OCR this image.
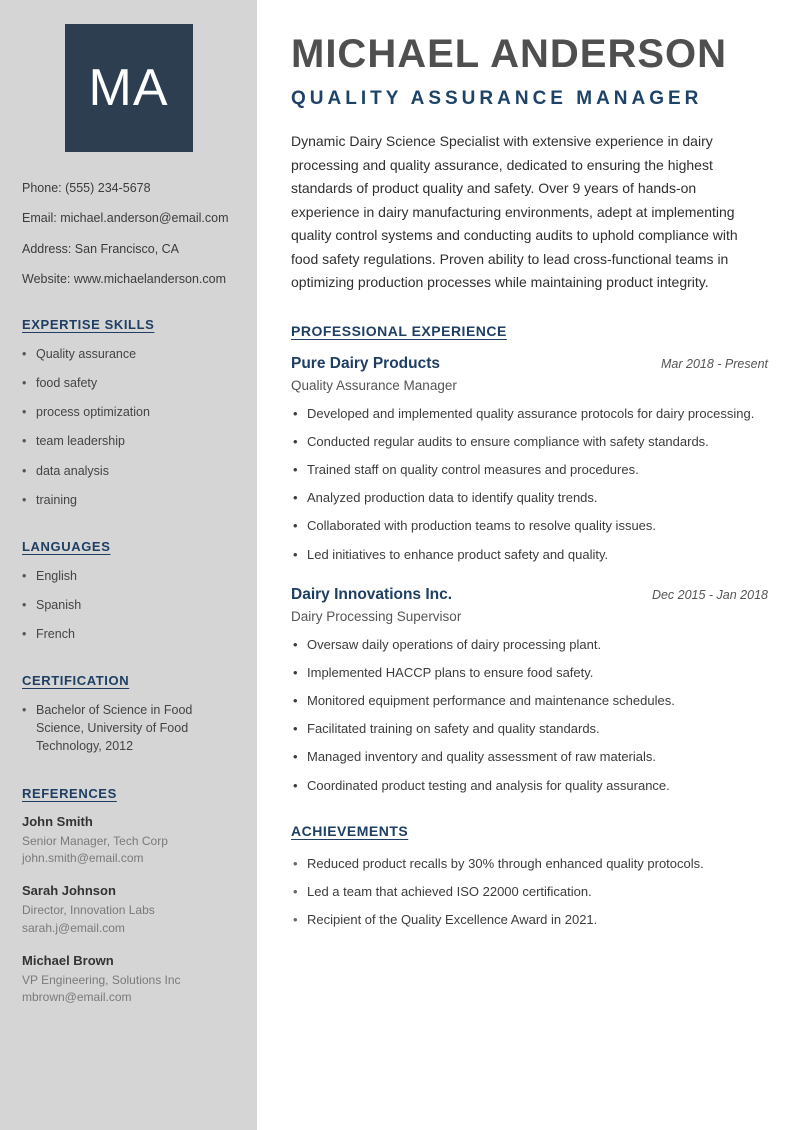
MA

Phone: (555) 234-5678

Email: michael.anderson@email.com

Address: San Francisco, CA

Website: www.michaelanderson.com

EXPERTISE SKILLS
• Quality assurance
• food safety
• process optimization
• team leadership
• data analysis
• training
LANGUAGES
• English
• Spanish
• French
CERTIFICATION
• Bachelor of Science in Food Science, University of Food Technology, 2012
REFERENCES
John Smith
Senior Manager, Tech Corp
john.smith@email.com
Sarah Johnson
Director, Innovation Labs
sarah.j@email.com
Michael Brown
VP Engineering, Solutions Inc
mbrown@email.com
MICHAEL ANDERSON
QUALITY ASSURANCE MANAGER

Dynamic Dairy Science Specialist with extensive experience in dairy processing and quality assurance, dedicated to ensuring the highest standards of product quality and safety. Over 9 years of hands-on experience in dairy manufacturing environments, adept at implementing quality control systems and conducting audits to uphold compliance with food safety regulations. Proven ability to lead cross-functional teams in optimizing production processes while maintaining product integrity.

PROFESSIONAL EXPERIENCE
Pure Dairy Products	Mar 2018 - Present
Quality Assurance Manager
• Developed and implemented quality assurance protocols for dairy processing.
• Conducted regular audits to ensure compliance with safety standards.
• Trained staff on quality control measures and procedures.
• Analyzed production data to identify quality trends.
• Collaborated with production teams to resolve quality issues.
• Led initiatives to enhance product safety and quality.
Dairy Innovations Inc.	Dec 2015 - Jan 2018
Dairy Processing Supervisor
• Oversaw daily operations of dairy processing plant.
• Implemented HACCP plans to ensure food safety.
• Monitored equipment performance and maintenance schedules.
• Facilitated training on safety and quality standards.
• Managed inventory and quality assessment of raw materials.
• Coordinated product testing and analysis for quality assurance.
ACHIEVEMENTS
• Reduced product recalls by 30% through enhanced quality protocols.
• Led a team that achieved ISO 22000 certification.
• Recipient of the Quality Excellence Award in 2021.
